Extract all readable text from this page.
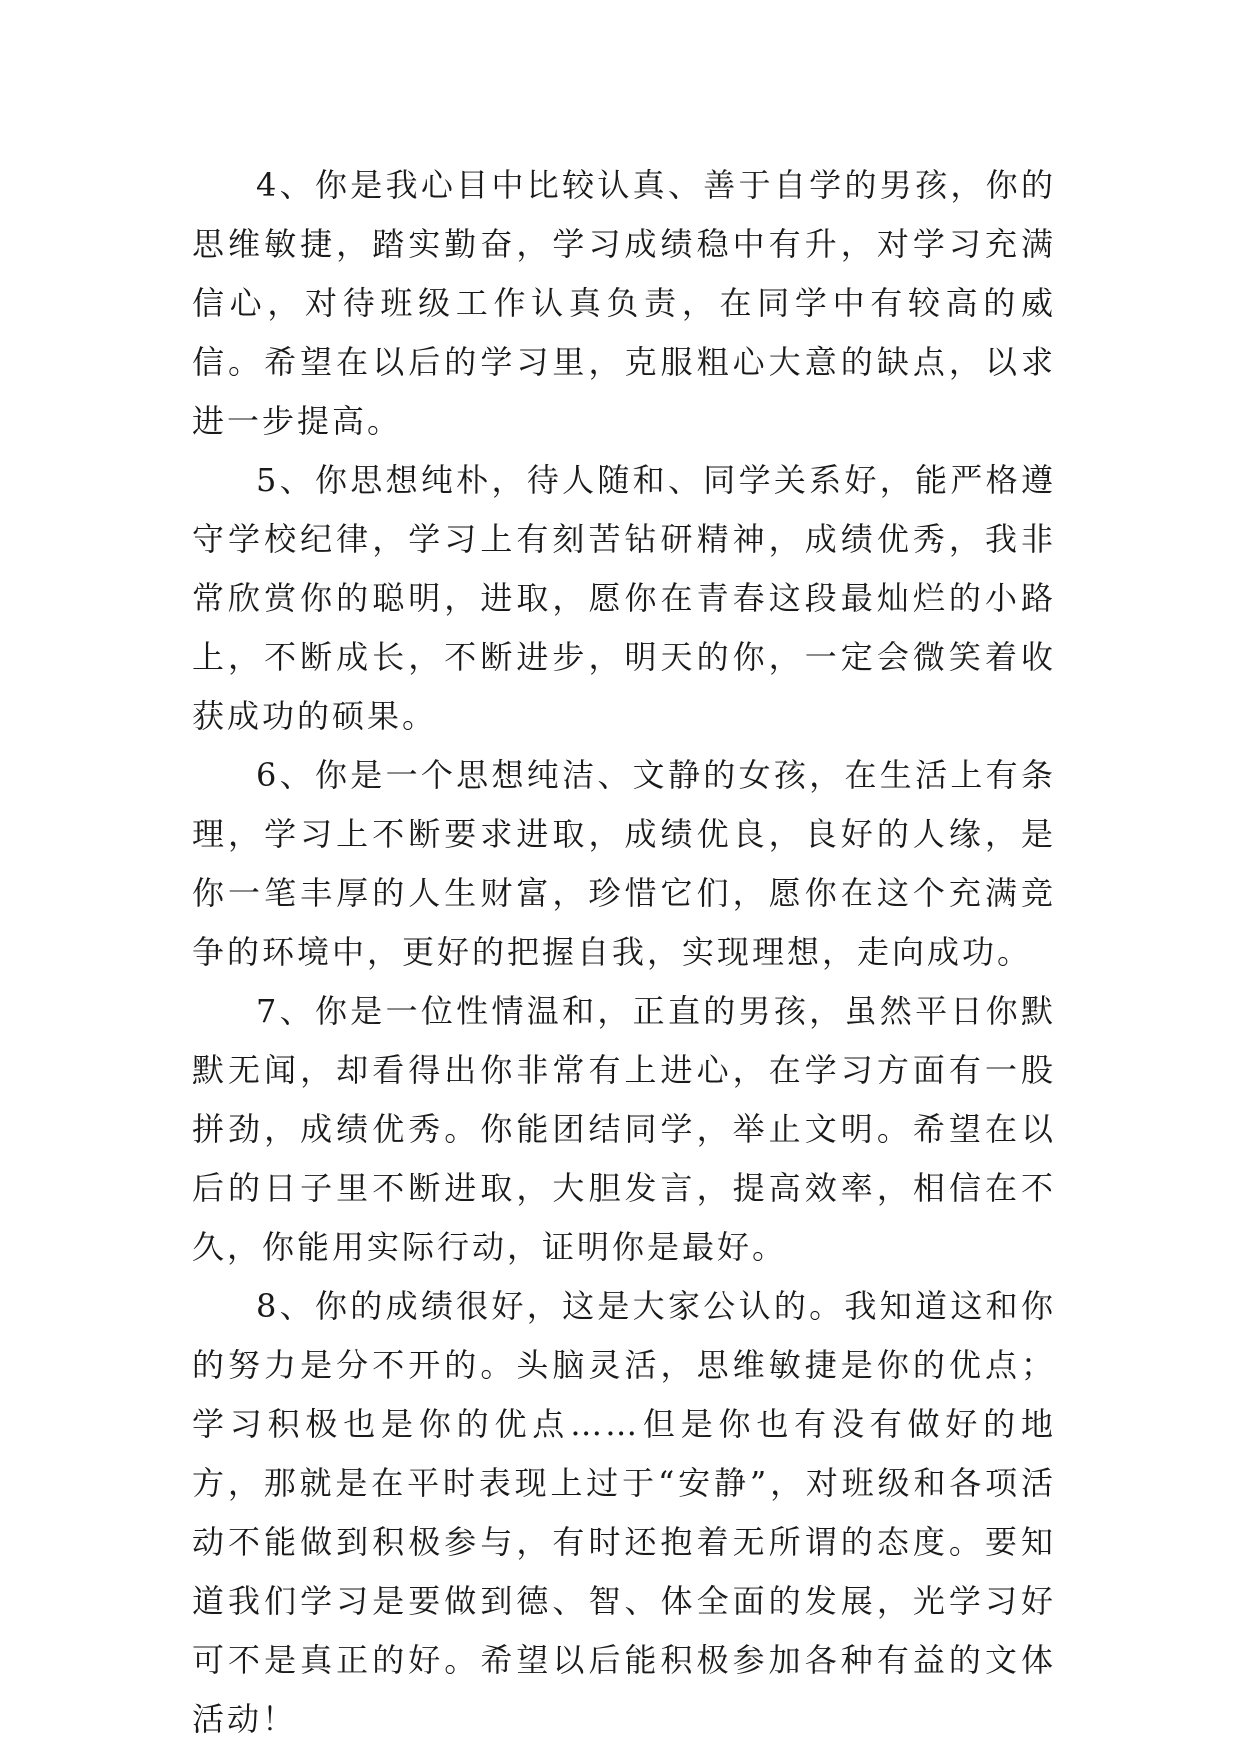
4、你是我心目中比较认真、善于自学的男孩，你的思维敏捷，踏实勤奋，学习成绩稳中有升，对学习充满信心，对待班级工作认真负责，在同学中有较高的威信。希望在以后的学习里，克服粗心大意的缺点，以求进一步提高。

5、你思想纯朴，待人随和、同学关系好，能严格遵守学校纪律，学习上有刻苦钻研精神，成绩优秀，我非常欣赏你的聪明，进取，愿你在青春这段最灿烂的小路上，不断成长，不断进步，明天的你，一定会微笑着收获成功的硕果。

6、你是一个思想纯洁、文静的女孩，在生活上有条理，学习上不断要求进取，成绩优良，良好的人缘，是你一笔丰厚的人生财富，珍惜它们，愿你在这个充满竞争的环境中，更好的把握自我，实现理想，走向成功。

7、你是一位性情温和，正直的男孩，虽然平日你默默无闻，却看得出你非常有上进心，在学习方面有一股拼劲，成绩优秀。你能团结同学，举止文明。希望在以后的日子里不断进取，大胆发言，提高效率，相信在不久，你能用实际行动，证明你是最好。

8、你的成绩很好，这是大家公认的。我知道这和你的努力是分不开的。头脑灵活，思维敏捷是你的优点；学习积极也是你的优点……但是你也有没有做好的地方，那就是在平时表现上过于“安静”，对班级和各项活动不能做到积极参与，有时还抱着无所谓的态度。要知道我们学习是要做到德、智、体全面的发展，光学习好可不是真正的好。希望以后能积极参加各种有益的文体活动！
